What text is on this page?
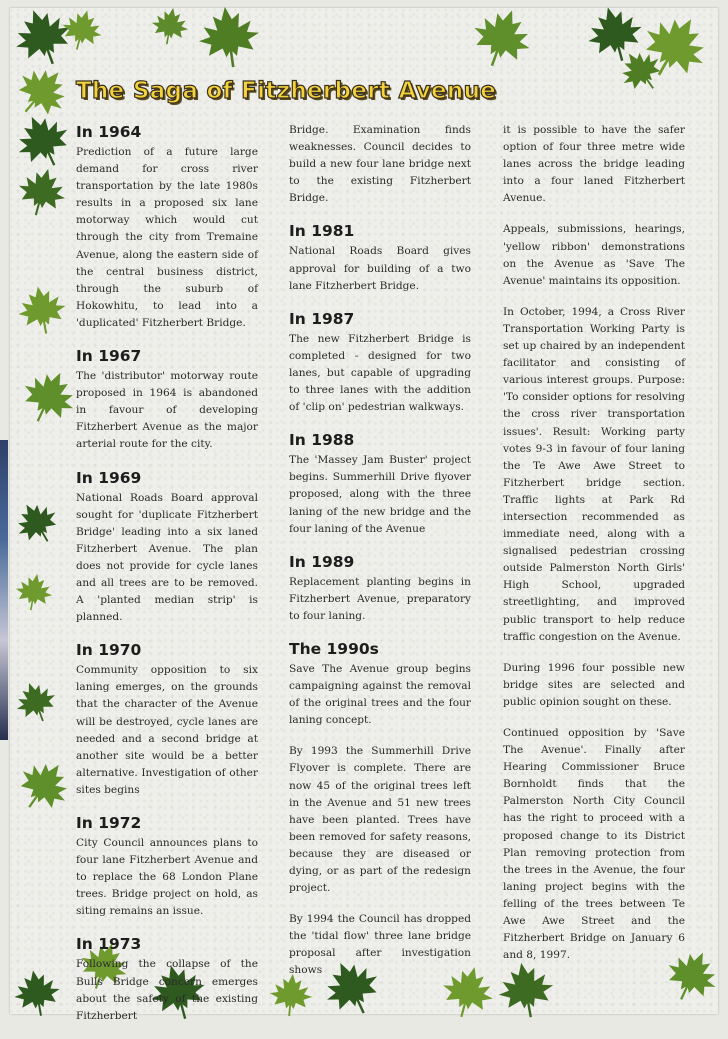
The Saga of Fitzherbert Avenue
In 1964

Prediction of a future large demand for cross river transportation by the late 1980s results in a proposed six lane motorway which would cut through the city from Tremaine Avenue, along the eastern side of the central business district, through the suburb of Hokowhitu, to lead into a 'duplicated' Fitzherbert Bridge.

In 1967

The 'distributor' motorway route proposed in 1964 is abandoned in favour of developing Fitzherbert Avenue as the major arterial route for the city.

In 1969

National Roads Board approval sought for 'duplicate Fitzherbert Bridge' leading into a six laned Fitzherbert Avenue. The plan does not provide for cycle lanes and all trees are to be removed. A 'planted median strip' is planned.

In 1970

Community opposition to six laning emerges, on the grounds that the character of the Avenue will be destroyed, cycle lanes are needed and a second bridge at another site would be a better alternative. Investigation of other sites begins

In 1972

City Council announces plans to four lane Fitzherbert Avenue and to replace the 68 London Plane trees. Bridge project on hold, as siting remains an issue.

In 1973

Following the collapse of the Bulls Bridge concern emerges about the safety of the existing Fitzherbert

Bridge. Examination finds weaknesses. Council decides to build a new four lane bridge next to the existing Fitzherbert Bridge.

In 1981

National Roads Board gives approval for building of a two lane Fitzherbert Bridge.

In 1987

The new Fitzherbert Bridge is completed - designed for two lanes, but capable of upgrading to three lanes with the addition of 'clip on' pedestrian walkways.

In 1988

The 'Massey Jam Buster' project begins. Summerhill Drive flyover proposed, along with the three laning of the new bridge and the four laning of the Avenue

In 1989

Replacement planting begins in Fitzherbert Avenue, preparatory to four laning.

The 1990s

Save The Avenue group begins campaigning against the removal of the original trees and the four laning concept.

By 1993 the Summerhill Drive Flyover is complete. There are now 45 of the original trees left in the Avenue and 51 new trees have been planted. Trees have been removed for safety reasons, because they are diseased or dying, or as part of the redesign project.

By 1994 the Council has dropped the 'tidal flow' three lane bridge proposal after investigation shows

it is possible to have the safer option of four three metre wide lanes across the bridge leading into a four laned Fitzherbert Avenue.

Appeals, submissions, hearings, 'yellow ribbon' demonstrations on the Avenue as 'Save The Avenue' maintains its opposition.

In October, 1994, a Cross River Transportation Working Party is set up chaired by an independent facilitator and consisting of various interest groups. Purpose: 'To consider options for resolving the cross river transportation issues'. Result: Working party votes 9-3 in favour of four laning the Te Awe Awe Street to Fitzherbert bridge section. Traffic lights at Park Rd intersection recommended as immediate need, along with a signalised pedestrian crossing outside Palmerston North Girls' High School, upgraded streetlighting, and improved public transport to help reduce traffic congestion on the Avenue.

During 1996 four possible new bridge sites are selected and public opinion sought on these.

Continued opposition by 'Save The Avenue'. Finally after Hearing Commissioner Bruce Bornholdt finds that the Palmerston North City Council has the right to proceed with a proposed change to its District Plan removing protection from the trees in the Avenue, the four laning project begins with the felling of the trees between Te Awe Awe Street and the Fitzherbert Bridge on January 6 and 8, 1997.
